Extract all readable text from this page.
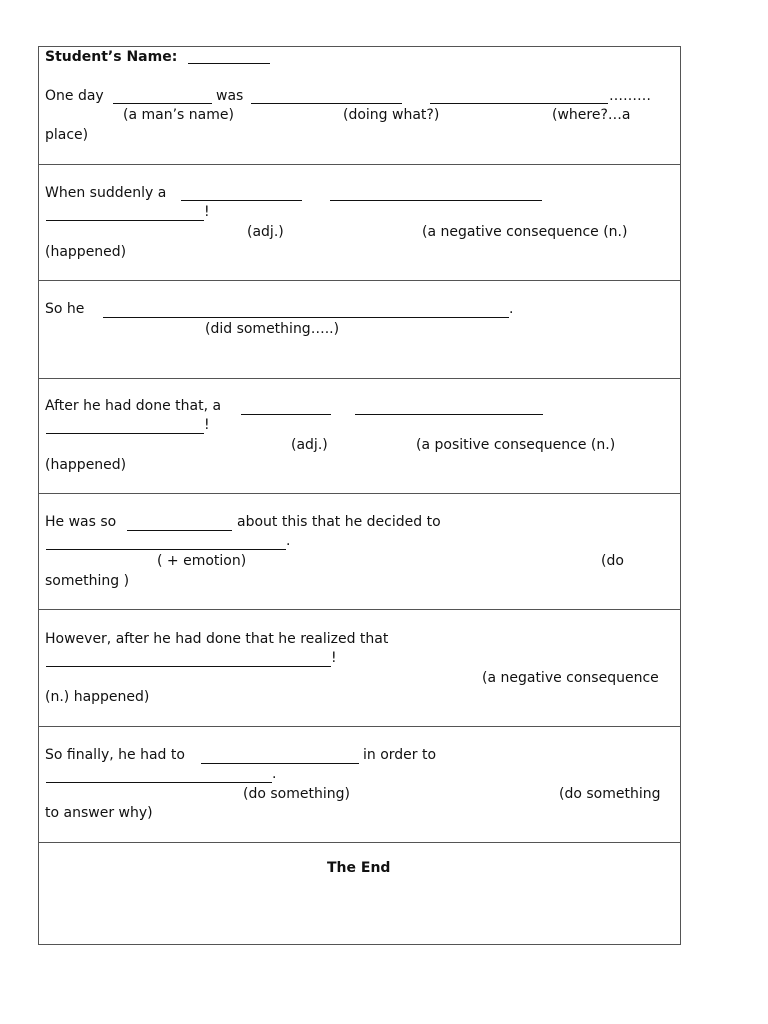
Student’s Name:
One day	was	………
(a man’s name)	(doing what?)	(where?…a
place)
When suddenly a
!
(adj.)	(a negative consequence (n.)
(happened)
So he	.
(did something…..)
After he had done that, a
!
(adj.)	(a positive consequence (n.)
(happened)
He was so	about this that he decided to
.
( + emotion)	(do
something )
However, after he had done that he realized that
!
(a negative consequence
(n.) happened)
So finally, he had to	in order to
.
(do something)	(do something
to answer why)
The End
